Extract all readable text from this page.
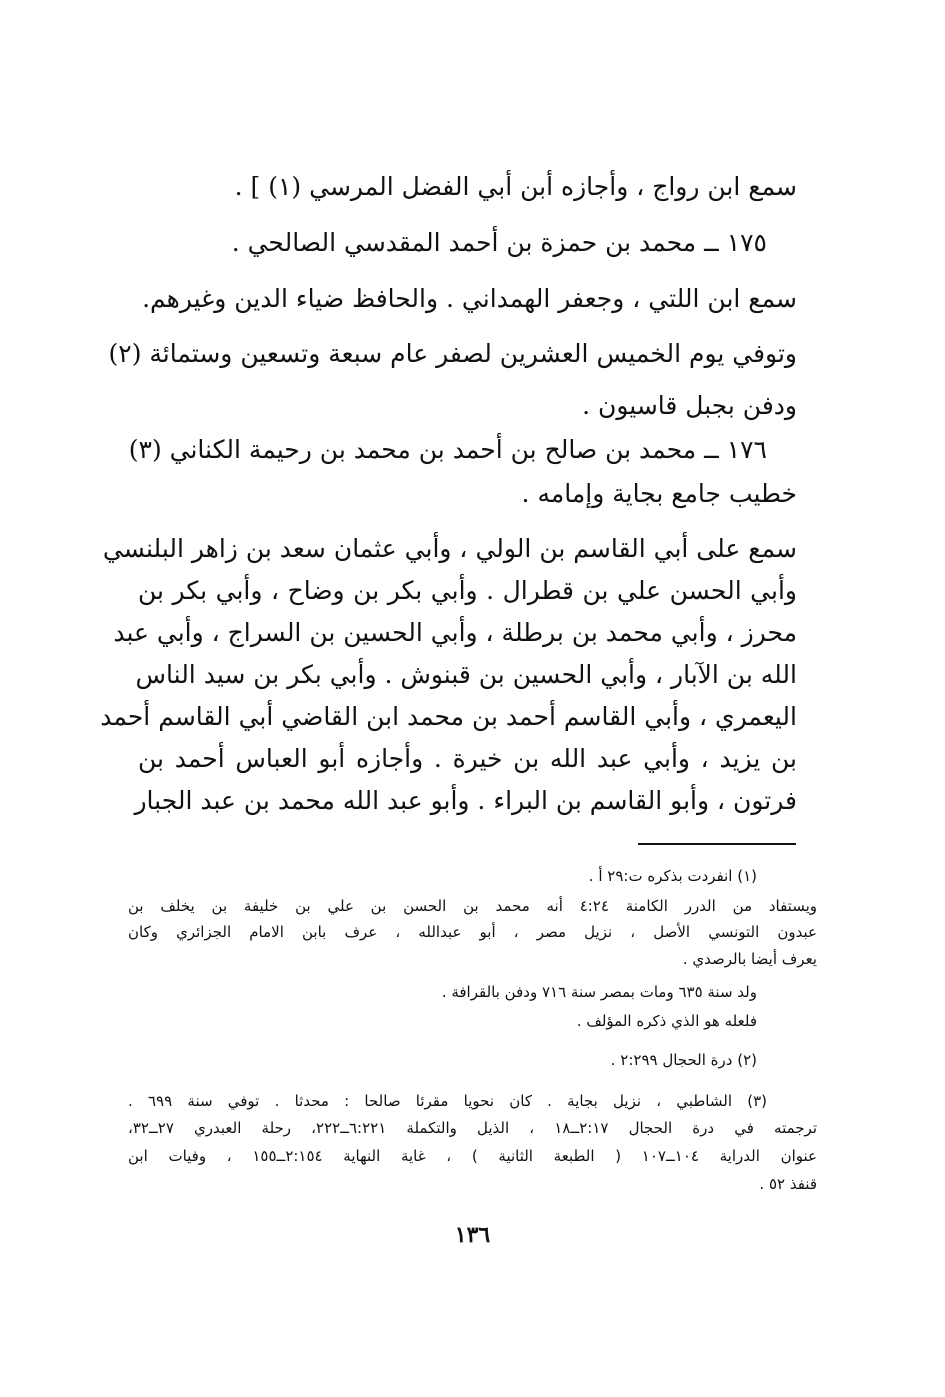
سمع ابن رواج ، وأجازه أبن أبي الفضل المرسي (١) ] .
١٧٥ ــ محمد بن حمزة بن أحمد المقدسي الصالحي .
سمع ابن اللتي ، وجعفر الهمداني . والحافظ ضياء الدين وغيرهم.
وتوفي يوم الخميس العشرين لصفر عام سبعة وتسعين وستمائة (٢)
ودفن بجبل قاسيون .
١٧٦ ــ محمد بن صالح بن أحمد بن محمد بن رحيمة الكناني (٣)
خطيب جامع بجاية وإمامه .
سمع على أبي القاسم بن الولي ، وأبي عثمان سعد بن زاهر البلنسي
وأبي الحسن علي بن قطرال . وأبي بكر بن وضاح ، وأبي بكر بن
محرز ، وأبي محمد بن برطلة ، وأبي الحسين بن السراج ، وأبي عبد
الله بن الآبار ، وأبي الحسين بن قبنوش . وأبي بكر بن سيد الناس
اليعمري ، وأبي القاسم أحمد بن محمد ابن القاضي أبي القاسم أحمد
بن يزيد ، وأبي عبد الله بن خيرة . وأجازه أبو العباس أحمد بن
فرتون ، وأبو القاسم بن البراء . وأبو عبد الله محمد بن عبد الجبار
(١) انفردت بذكره ت:٢٩ أ .
ويستفاد من الدرر الكامنة ٤:٢٤ أنه محمد بن الحسن بن علي بن خليفة بن يخلف بن
عبدون التونسي الأصل ، نزيل مصر ، أبو عبدالله ، عرف بابن الامام الجزائري وكان
يعرف أيضا بالرصدي .
ولد سنة ٦٣٥ ومات بمصر سنة ٧١٦ ودفن بالقرافة .
فلعله هو الذي ذكره المؤلف .
(٢) درة الحجال ٢:٢٩٩ .
(٣) الشاطبي ، نزيل بجاية . كان نحويا مقرئا صالحا : محدثا . توفي سنة ٦٩٩ .
ترجمته في درة الحجال ٢:١٧ــ١٨ ، الذيل والتكملة ٦:٢٢١ــ٢٢٢، رحلة العبدري ٢٧ــ٣٢،
عنوان الدراية ١٠٤ــ١٠٧ ( الطبعة الثانية ) ، غاية النهاية ٢:١٥٤ــ١٥٥ ، وفيات ابن
قنفذ ٥٢ .
١٣٦
